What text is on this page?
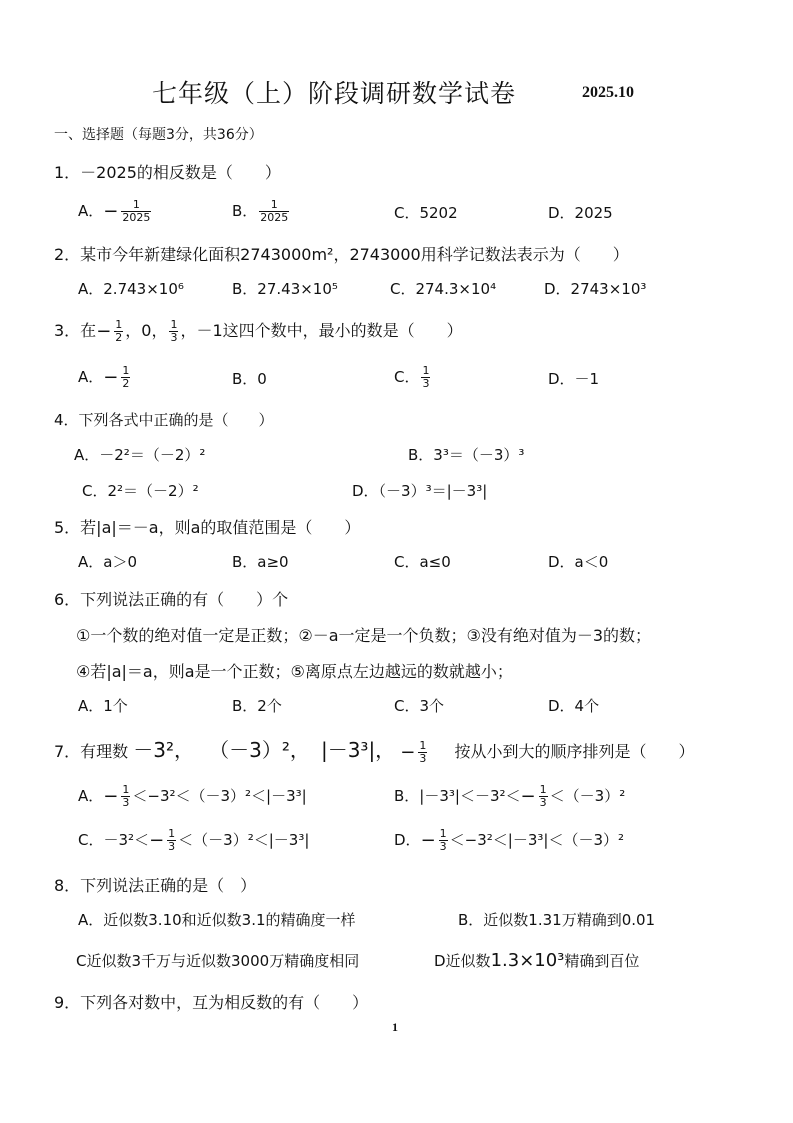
七年级（上）阶段调研数学试卷	2025.10
一、选择题（每题3分，共36分）
1．－2025的相反数是（　　）
A．− $\frac{1}{2025}$	B． $\frac{1}{2025}$	C．5202	D．2025
2．某市今年新建绿化面积2743000m²，2743000用科学记数法表示为（　　）
A．2.743×10⁶	B．27.43×10⁵	C．274.3×10⁴	D．2743×10³
3．在− $\frac{1}{2}$ ，0， $\frac{1}{3}$ ，－1这四个数中，最小的数是（　　）
A．− $\frac{1}{2}$	B．0	C． $\frac{1}{3}$	D．－1
4．下列各式中正确的是（　　）
A．－2²＝（－2）²	B．3³＝（－3）³
C．2²＝（－2）²	D．（－3）³＝|－3³|
5．若|a|＝－a，则a的取值范围是（　　）
A．a＞0	B．a≥0	C．a≤0	D．a＜0
6．下列说法正确的有（　　）个
①一个数的绝对值一定是正数；②－a一定是一个负数；③没有绝对值为－3的数；
④若|a|＝a，则a是一个正数；⑤离原点左边越远的数就越小；
A．1个	B．2个	C．3个	D．4个
7．有理数 －3²， （－3）²， |－3³|， − $\frac{1}{3}$ 按从小到大的顺序排列是（　　）
A．− $\frac{1}{3} <-3^2<(-3)^2<|-3^3|$	B．$|-3^3|<-3^2<- \frac{1}{3} <(-3)^2$
C．$-3^2<- \frac{1}{3} <(-3)^2<|-3^3|$	D．− $\frac{1}{3} <-3^2<|-3^3|<(-3)^2$
8．下列说法正确的是（　）
A．近似数3.10和近似数3.1的精确度一样	B．近似数1.31万精确到0.01
C近似数3千万与近似数3000万精确度相同	D近似数1.3×10³精确到百位
9．下列各对数中，互为相反数的有（　　）
1
